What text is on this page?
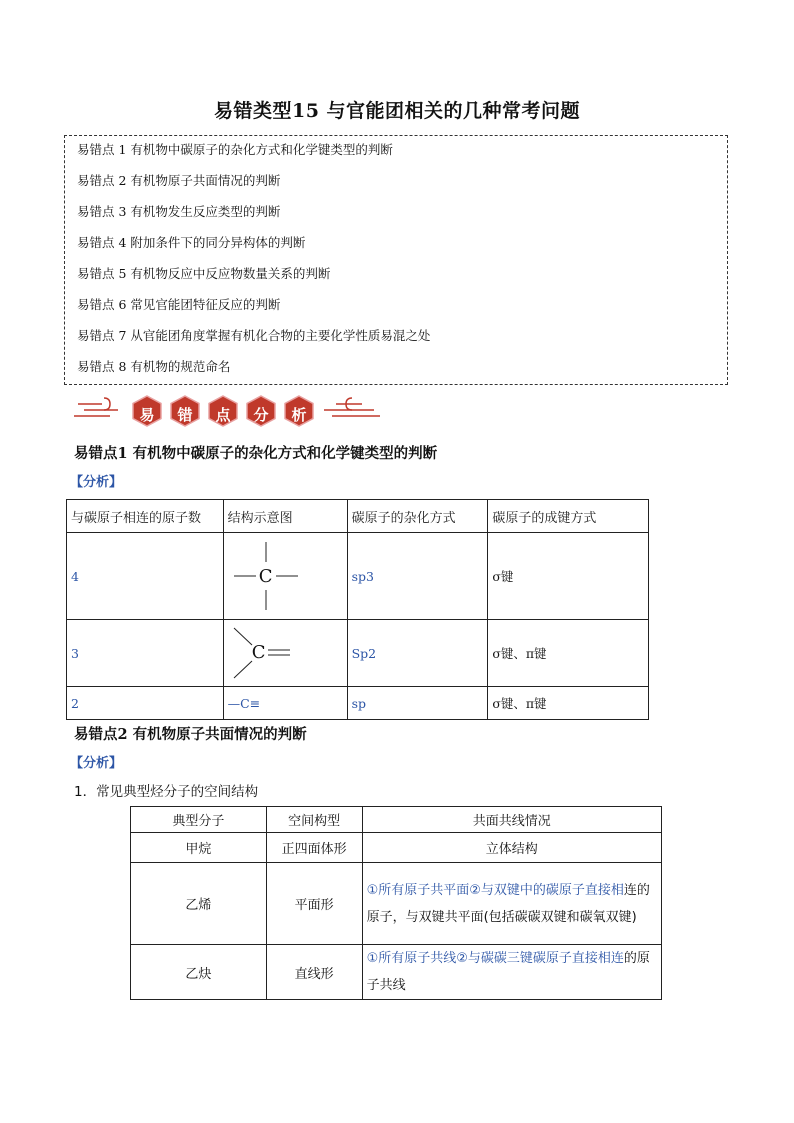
易错类型15 与官能团相关的几种常考问题
易错点 1 有机物中碳原子的杂化方式和化学键类型的判断
易错点 2 有机物原子共面情况的判断
易错点 3 有机物发生反应类型的判断
易错点 4 附加条件下的同分异构体的判断
易错点 5 有机物反应中反应物数量关系的判断
易错点 6 常见官能团特征反应的判断
易错点 7 从官能团角度掌握有机化合物的主要化学性质易混之处
易错点 8 有机物的规范命名
易	错	点	分	析
易错点1 有机物中碳原子的杂化方式和化学键类型的判断
【分析】
与碳原子相连的原子数	结构示意图	碳原子的杂化方式	碳原子的成键方式
4	C	sp3	σ键
3	C	Sp2	σ键、π键
2	—C≡	sp	σ键、π键
易错点2 有机物原子共面情况的判断
【分析】
1．常见典型烃分子的空间结构
典型分子	空间构型	共面共线情况
甲烷	正四面体形	立体结构
乙烯	平面形	①所有原子共平面②与双键中的碳原子直接相连的原子，与双键共平面(包括碳碳双键和碳氧双键)
乙炔	直线形	①所有原子共线②与碳碳三键碳原子直接相连的原子共线
